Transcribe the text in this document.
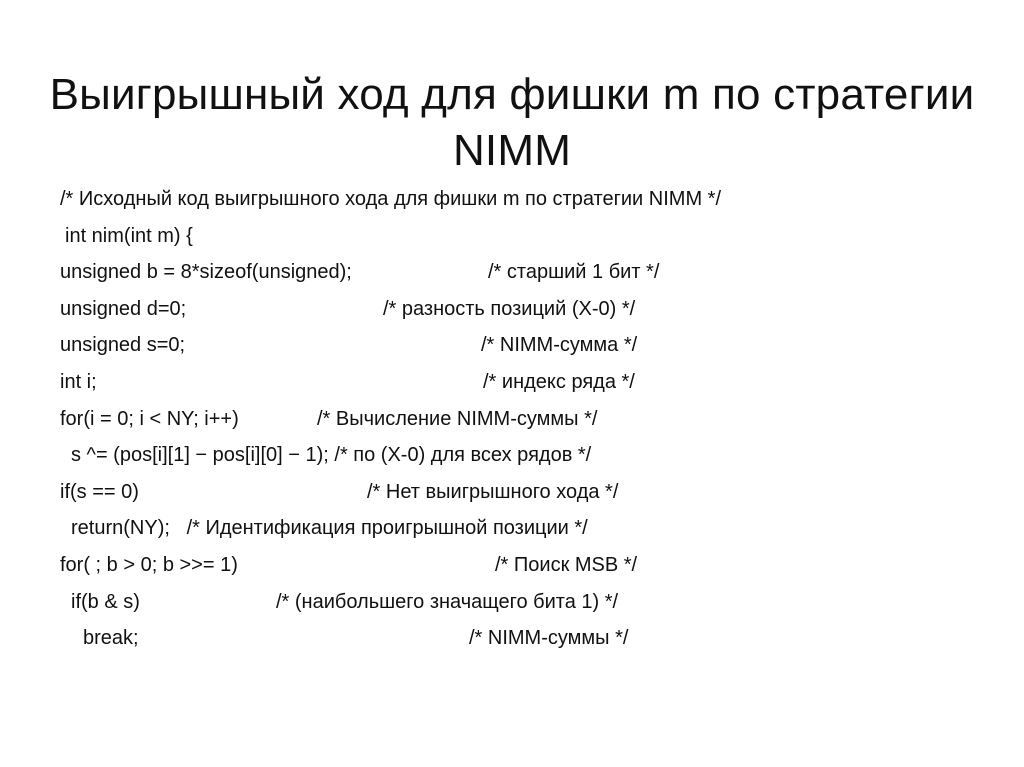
Выигрышный ход для фишки m по стратегии
NIMM

/* Исходный код выигрышного хода для фишки m по стратегии NIMM */

int nim(int m) {

unsigned b = 8*sizeof(unsigned);

	/* старший 1 бит */

unsigned d=0;

	/* разность позиций (X-0) */

unsigned s=0;

	/* NIMM-сумма */

int i;

	/* индекс ряда */

for(i = 0; i < NY; i++)

	/* Вычисление NIMM-суммы */

s ^= (pos[i][1] − pos[i][0] − 1); /* по (X-0) для всех рядов */

if(s == 0)

	/* Нет выигрышного хода */

return(NY);   /* Идентификация проигрышной позиции */

for( ; b > 0; b >>= 1)

	/* Поиск MSB */

if(b & s)

	/* (наибольшего значащего бита 1) */

break;

	/* NIMM-суммы */
